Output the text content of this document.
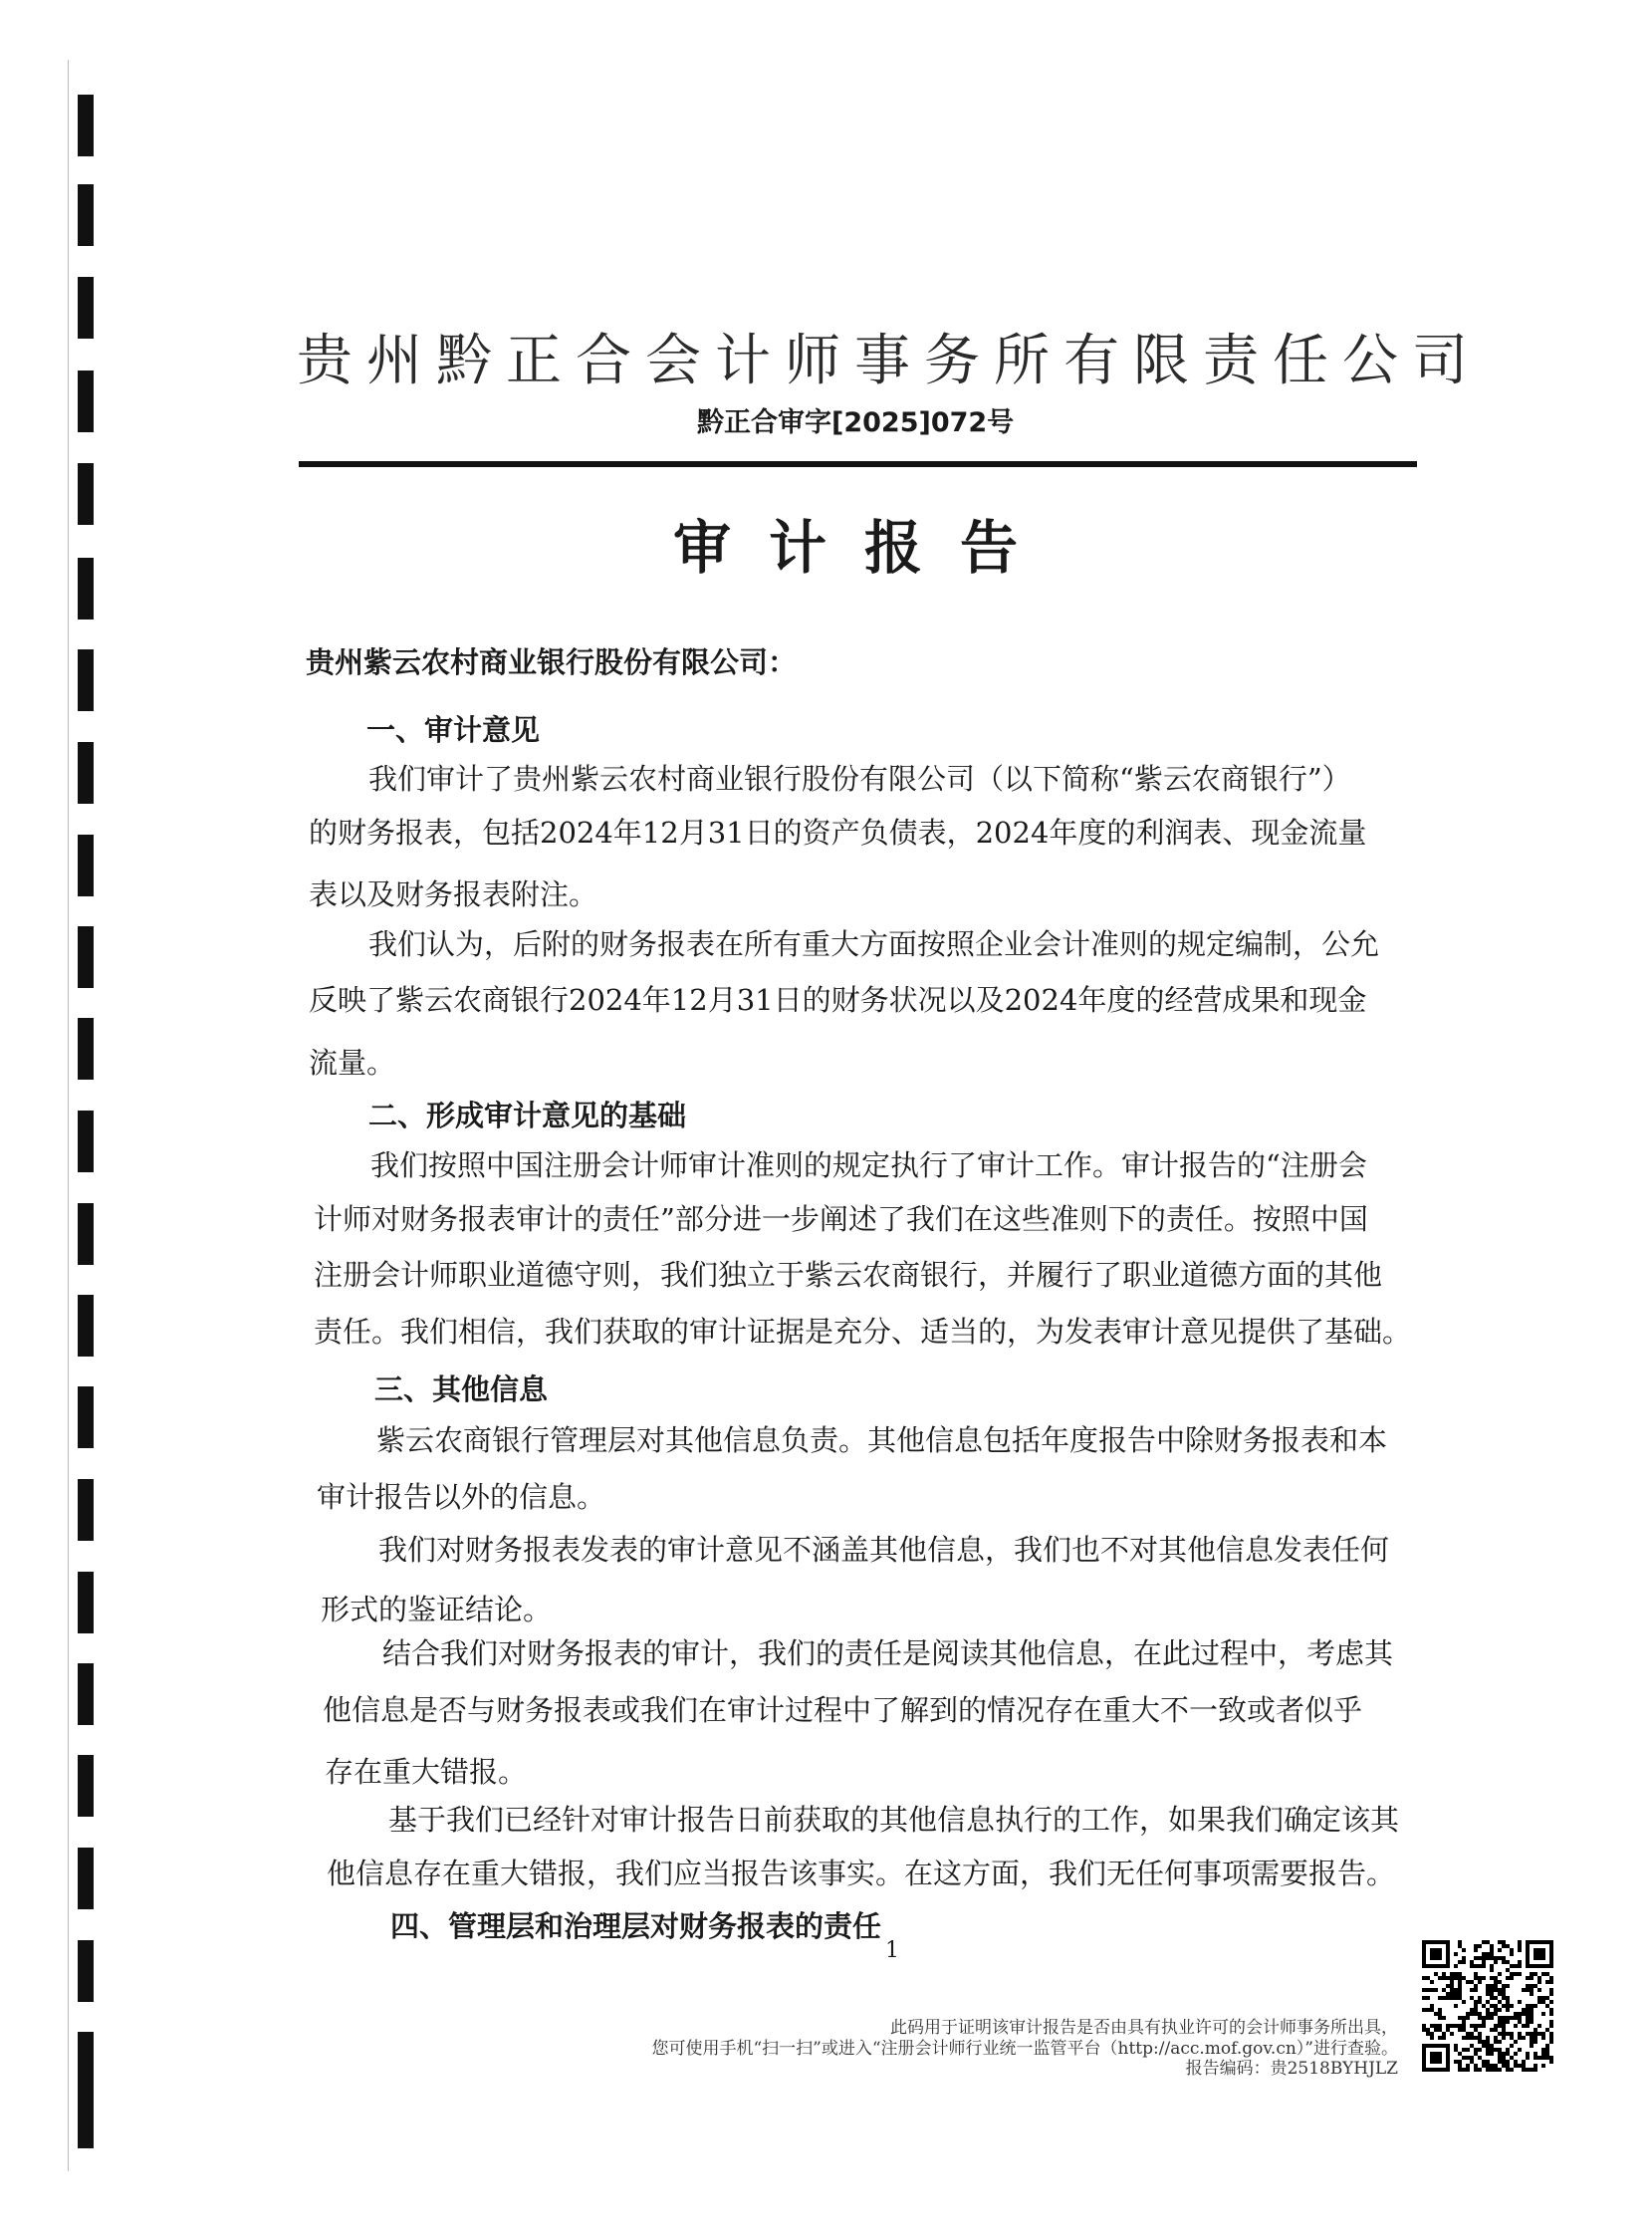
贵州黔正合会计师事务所有限责任公司
黔正合审字[2025]072号
审计报告
贵州紫云农村商业银行股份有限公司：
一、审计意见
我们审计了贵州紫云农村商业银行股份有限公司（以下简称“紫云农商银行”）
的财务报表，包括2024年12月31日的资产负债表，2024年度的利润表、现金流量
表以及财务报表附注。
我们认为，后附的财务报表在所有重大方面按照企业会计准则的规定编制，公允
反映了紫云农商银行2024年12月31日的财务状况以及2024年度的经营成果和现金
流量。
二、形成审计意见的基础
我们按照中国注册会计师审计准则的规定执行了审计工作。审计报告的“注册会
计师对财务报表审计的责任”部分进一步阐述了我们在这些准则下的责任。按照中国
注册会计师职业道德守则，我们独立于紫云农商银行，并履行了职业道德方面的其他
责任。我们相信，我们获取的审计证据是充分、适当的，为发表审计意见提供了基础。
三、其他信息
紫云农商银行管理层对其他信息负责。其他信息包括年度报告中除财务报表和本
审计报告以外的信息。
我们对财务报表发表的审计意见不涵盖其他信息，我们也不对其他信息发表任何
形式的鉴证结论。
结合我们对财务报表的审计，我们的责任是阅读其他信息，在此过程中，考虑其
他信息是否与财务报表或我们在审计过程中了解到的情况存在重大不一致或者似乎
存在重大错报。
基于我们已经针对审计报告日前获取的其他信息执行的工作，如果我们确定该其
他信息存在重大错报，我们应当报告该事实。在这方面，我们无任何事项需要报告。
四、管理层和治理层对财务报表的责任
1
此码用于证明该审计报告是否由具有执业许可的会计师事务所出具，
您可使用手机“扫一扫”或进入“注册会计师行业统一监管平台（http://acc.mof.gov.cn）”进行查验。
报告编码：贵2518BYHJLZ
